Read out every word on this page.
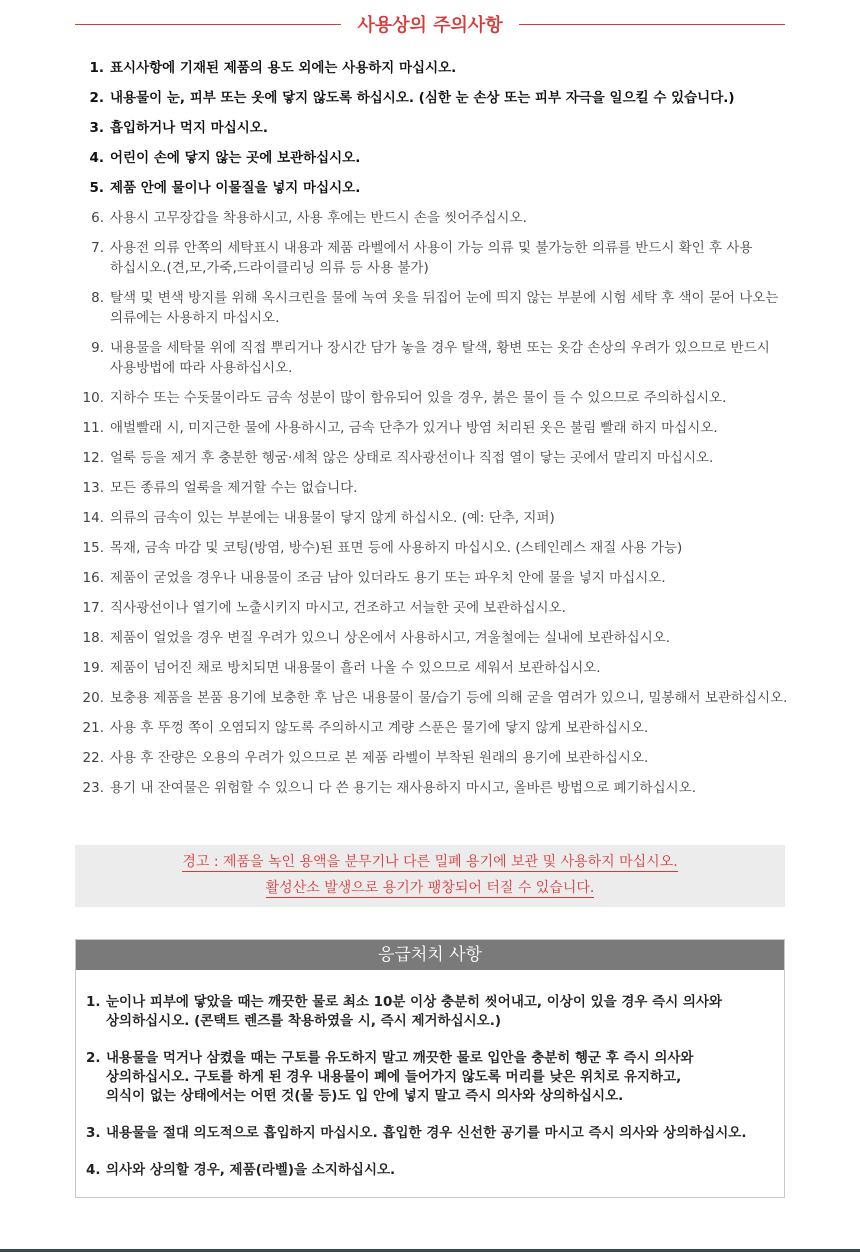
사용상의 주의사항
1. 표시사항에 기재된 제품의 용도 외에는 사용하지 마십시오.
2. 내용물이 눈, 피부 또는 옷에 닿지 않도록 하십시오. (심한 눈 손상 또는 피부 자극을 일으킬 수 있습니다.)
3. 흡입하거나 먹지 마십시오.
4. 어린이 손에 닿지 않는 곳에 보관하십시오.
5. 제품 안에 물이나 이물질을 넣지 마십시오.
6. 사용시 고무장갑을 착용하시고, 사용 후에는 반드시 손을 씻어주십시오.
7. 사용전 의류 안쪽의 세탁표시 내용과 제품 라벨에서 사용이 가능 의류 및 불가능한 의류를 반드시 확인 후 사용
하십시오.(견,모,가죽,드라이클리닝 의류 등 사용 불가)
8. 탈색 및 변색 방지를 위해 옥시크린을 물에 녹여 옷을 뒤집어 눈에 띄지 않는 부분에 시험 세탁 후 색이 묻어 나오는
의류에는 사용하지 마십시오.
9. 내용물을 세탁물 위에 직접 뿌리거나 장시간 담가 놓을 경우 탈색, 황변 또는 옷감 손상의 우려가 있으므로 반드시
사용방법에 따라 사용하십시오.
10. 지하수 또는 수돗물이라도 금속 성분이 많이 함유되어 있을 경우, 붉은 물이 들 수 있으므로 주의하십시오.
11. 애벌빨래 시, 미지근한 물에 사용하시고, 금속 단추가 있거나 방염 처리된 옷은 불림 빨래 하지 마십시오.
12. 얼룩 등을 제거 후 충분한 헹굼·세척 않은 상태로 직사광선이나 직접 열이 닿는 곳에서 말리지 마십시오.
13. 모든 종류의 얼룩을 제거할 수는 없습니다.
14. 의류의 금속이 있는 부분에는 내용물이 닿지 않게 하십시오. (예: 단추, 지퍼)
15. 목재, 금속 마감 및 코팅(방염, 방수)된 표면 등에 사용하지 마십시오. (스테인레스 재질 사용 가능)
16. 제품이 굳었을 경우나 내용물이 조금 남아 있더라도 용기 또는 파우치 안에 물을 넣지 마십시오.
17. 직사광선이나 열기에 노출시키지 마시고, 건조하고 서늘한 곳에 보관하십시오.
18. 제품이 얼었을 경우 변질 우려가 있으니 상온에서 사용하시고, 겨울철에는 실내에 보관하십시오.
19. 제품이 넘어진 채로 방치되면 내용물이 흘러 나올 수 있으므로 세워서 보관하십시오.
20. 보충용 제품을 본품 용기에 보충한 후 남은 내용물이 물/습기 등에 의해 굳을 염려가 있으니, 밀봉해서 보관하십시오.
21. 사용 후 뚜껑 쪽이 오염되지 않도록 주의하시고 계량 스푼은 물기에 닿지 않게 보관하십시오.
22. 사용 후 잔량은 오용의 우려가 있으므로 본 제품 라벨이 부착된 원래의 용기에 보관하십시오.
23. 용기 내 잔여물은 위험할 수 있으니 다 쓴 용기는 재사용하지 마시고, 올바른 방법으로 폐기하십시오.
경고 : 제품을 녹인 용액을 분무기나 다른 밀폐 용기에 보관 및 사용하지 마십시오.
활성산소 발생으로 용기가 팽창되어 터질 수 있습니다.
응급처치 사항
1. 눈이나 피부에 닿았을 때는 깨끗한 물로 최소 10분 이상 충분히 씻어내고, 이상이 있을 경우 즉시 의사와
상의하십시오. (콘택트 렌즈를 착용하였을 시, 즉시 제거하십시오.)
2. 내용물을 먹거나 삼켰을 때는 구토를 유도하지 말고 깨끗한 물로 입안을 충분히 헹군 후 즉시 의사와
상의하십시오. 구토를 하게 된 경우 내용물이 폐에 들어가지 않도록 머리를 낮은 위치로 유지하고,
의식이 없는 상태에서는 어떤 것(물 등)도 입 안에 넣지 말고 즉시 의사와 상의하십시오.
3. 내용물을 절대 의도적으로 흡입하지 마십시오. 흡입한 경우 신선한 공기를 마시고 즉시 의사와 상의하십시오.
4. 의사와 상의할 경우, 제품(라벨)을 소지하십시오.
